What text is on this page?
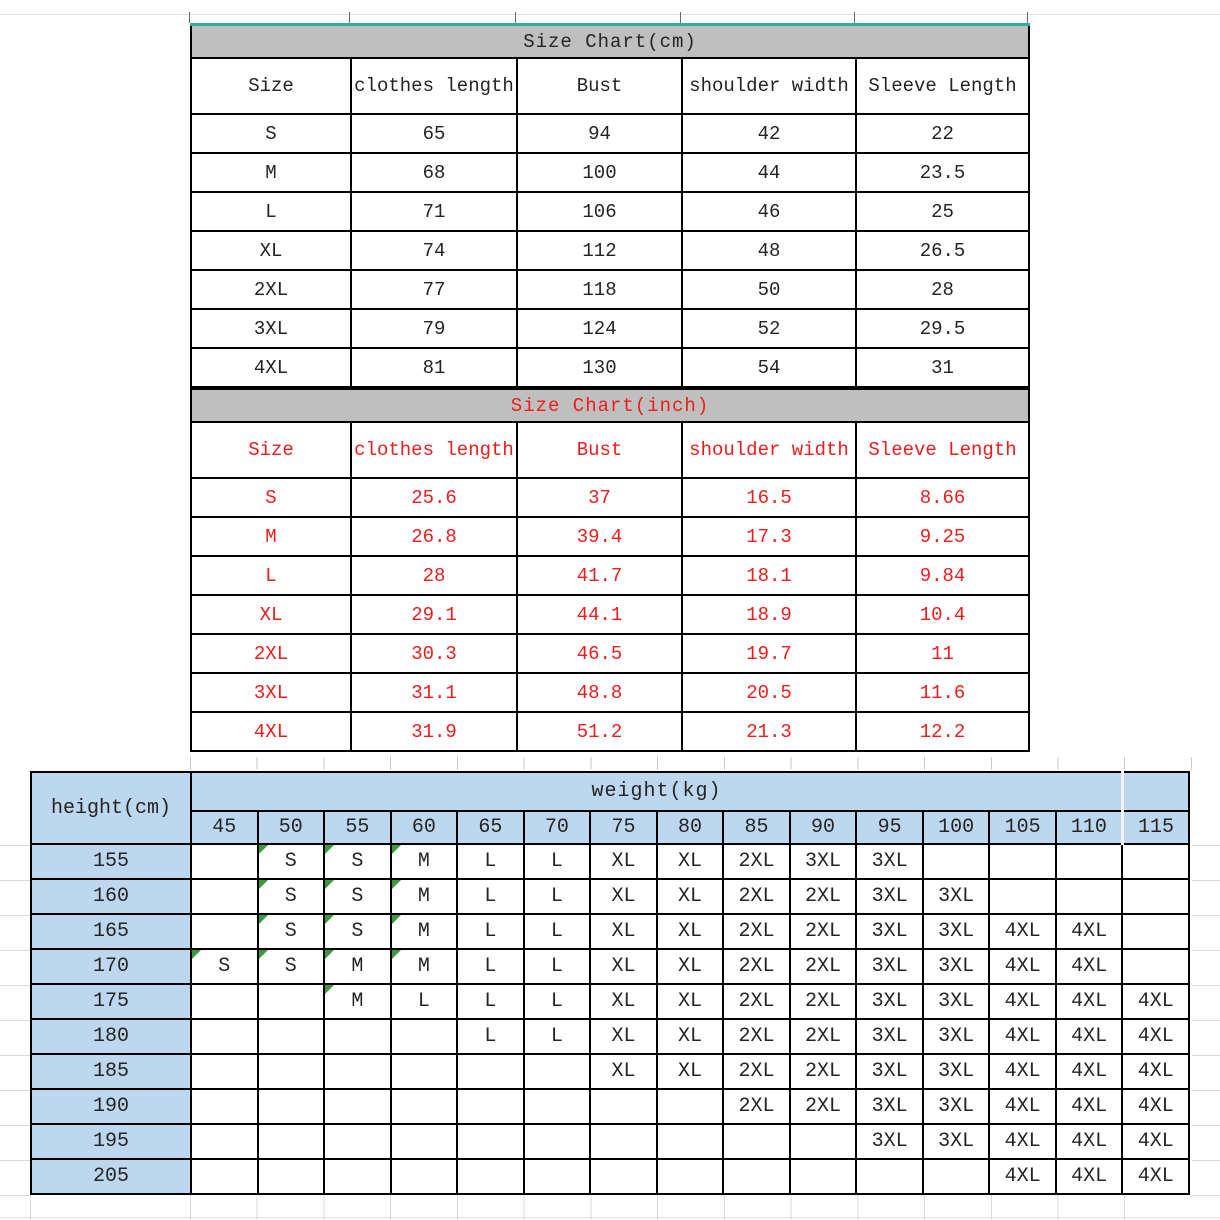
Size Chart(cm)				
Size	clothes length	Bust	shoulder width	Sleeve Length
S	65	94	42	22
M	68	100	44	23.5
L	71	106	46	25
XL	74	112	48	26.5
2XL	77	118	50	28
3XL	79	124	52	29.5
4XL	81	130	54	31
Size Chart(inch)				
Size	clothes length	Bust	shoulder width	Sleeve Length
S	25.6	37	16.5	8.66
M	26.8	39.4	17.3	9.25
L	28	41.7	18.1	9.84
XL	29.1	44.1	18.9	10.4
2XL	30.3	46.5	19.7	11
3XL	31.1	48.8	20.5	11.6
4XL	31.9	51.2	21.3	12.2
height(cm)	weight(kg)														
	45	50	55	60	65	70	75	80	85	90	95	100	105	110	115
155		S	S	M	L	L	XL	XL	2XL	3XL	3XL				
160		S	S	M	L	L	XL	XL	2XL	2XL	3XL	3XL			
165		S	S	M	L	L	XL	XL	2XL	2XL	3XL	3XL	4XL	4XL	
170	S	S	M	M	L	L	XL	XL	2XL	2XL	3XL	3XL	4XL	4XL	
175			M	L	L	L	XL	XL	2XL	2XL	3XL	3XL	4XL	4XL	4XL
180					L	L	XL	XL	2XL	2XL	3XL	3XL	4XL	4XL	4XL
185							XL	XL	2XL	2XL	3XL	3XL	4XL	4XL	4XL
190									2XL	2XL	3XL	3XL	4XL	4XL	4XL
195											3XL	3XL	4XL	4XL	4XL
205													4XL	4XL	4XL
